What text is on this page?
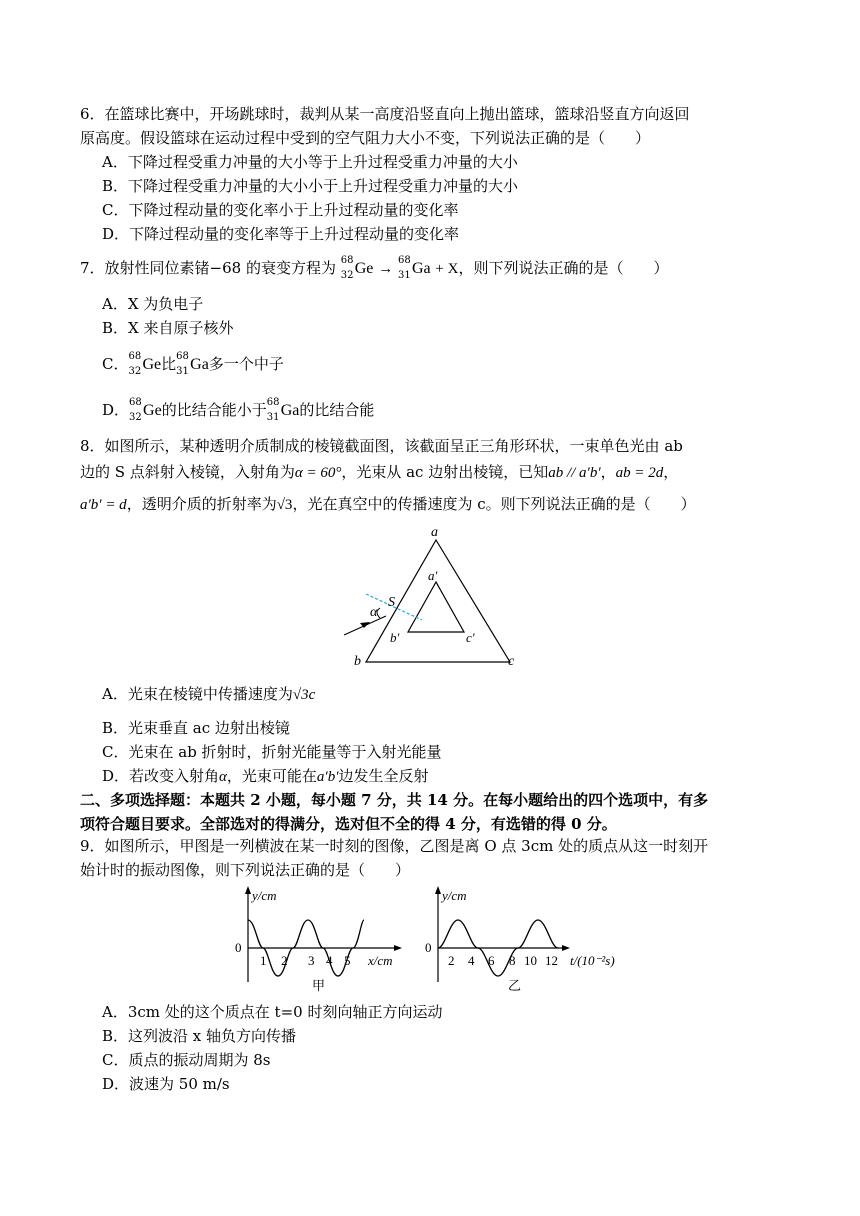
6．在篮球比赛中，开场跳球时，裁判从某一高度沿竖直向上抛出篮球，篮球沿竖直方向返回
原高度。假设篮球在运动过程中受到的空气阻力大小不变，下列说法正确的是（　　）
A．下降过程受重力冲量的大小等于上升过程受重力冲量的大小
B．下降过程受重力冲量的大小小于上升过程受重力冲量的大小
C．下降过程动量的变化率小于上升过程动量的变化率
D．下降过程动量的变化率等于上升过程动量的变化率
7．放射性同位素锗−68 的衰变方程为 68
32 Ge →
68
31 Ga + X，则下列说法正确的是（　　）
A．X 为负电子
B．X 来自原子核外
C． 68
32 Ge比 68
31 Ga多一个中子
D． 68
32 Ge的比结合能小于 68
31 Ga的比结合能
8．如图所示，某种透明介质制成的棱镜截面图，该截面呈正三角形环状，一束单色光由 ab
边的 S 点斜射入棱镜，入射角为α = 60°，光束从 ac 边射出棱镜，已知ab // a′b′，ab = 2d，
a′b′ = d，透明介质的折射率为√3，光在真空中的传播速度为 c。则下列说法正确的是（　　）
a
b	c
a′
b′	c′
S
α
A．光束在棱镜中传播速度为√3c
B．光束垂直 ac 边射出棱镜
C．光束在 ab 折射时，折射光能量等于入射光能量
D．若改变入射角α，光束可能在a′b′边发生全反射
二、多项选择题：本题共 2 小题，每小题 7 分，共 14 分。在每小题给出的四个选项中，有多
项符合题目要求。全部选对的得满分，选对但不全的得 4 分，有选错的得 0 分。
9．如图所示，甲图是一列横波在某一时刻的图像，乙图是离 O 点 3cm 处的质点从这一时刻开
始计时的振动图像，则下列说法正确的是（　　）
y/cm
0
1 2 3 4 5 x/cm
甲
y/cm
0
2 4 6 8 10 12 t/(10⁻²s)
乙
A．3cm 处的这个质点在 t=0 时刻向轴正方向运动
B．这列波沿 x 轴负方向传播
C．质点的振动周期为 8s
D．波速为 50 m/s
